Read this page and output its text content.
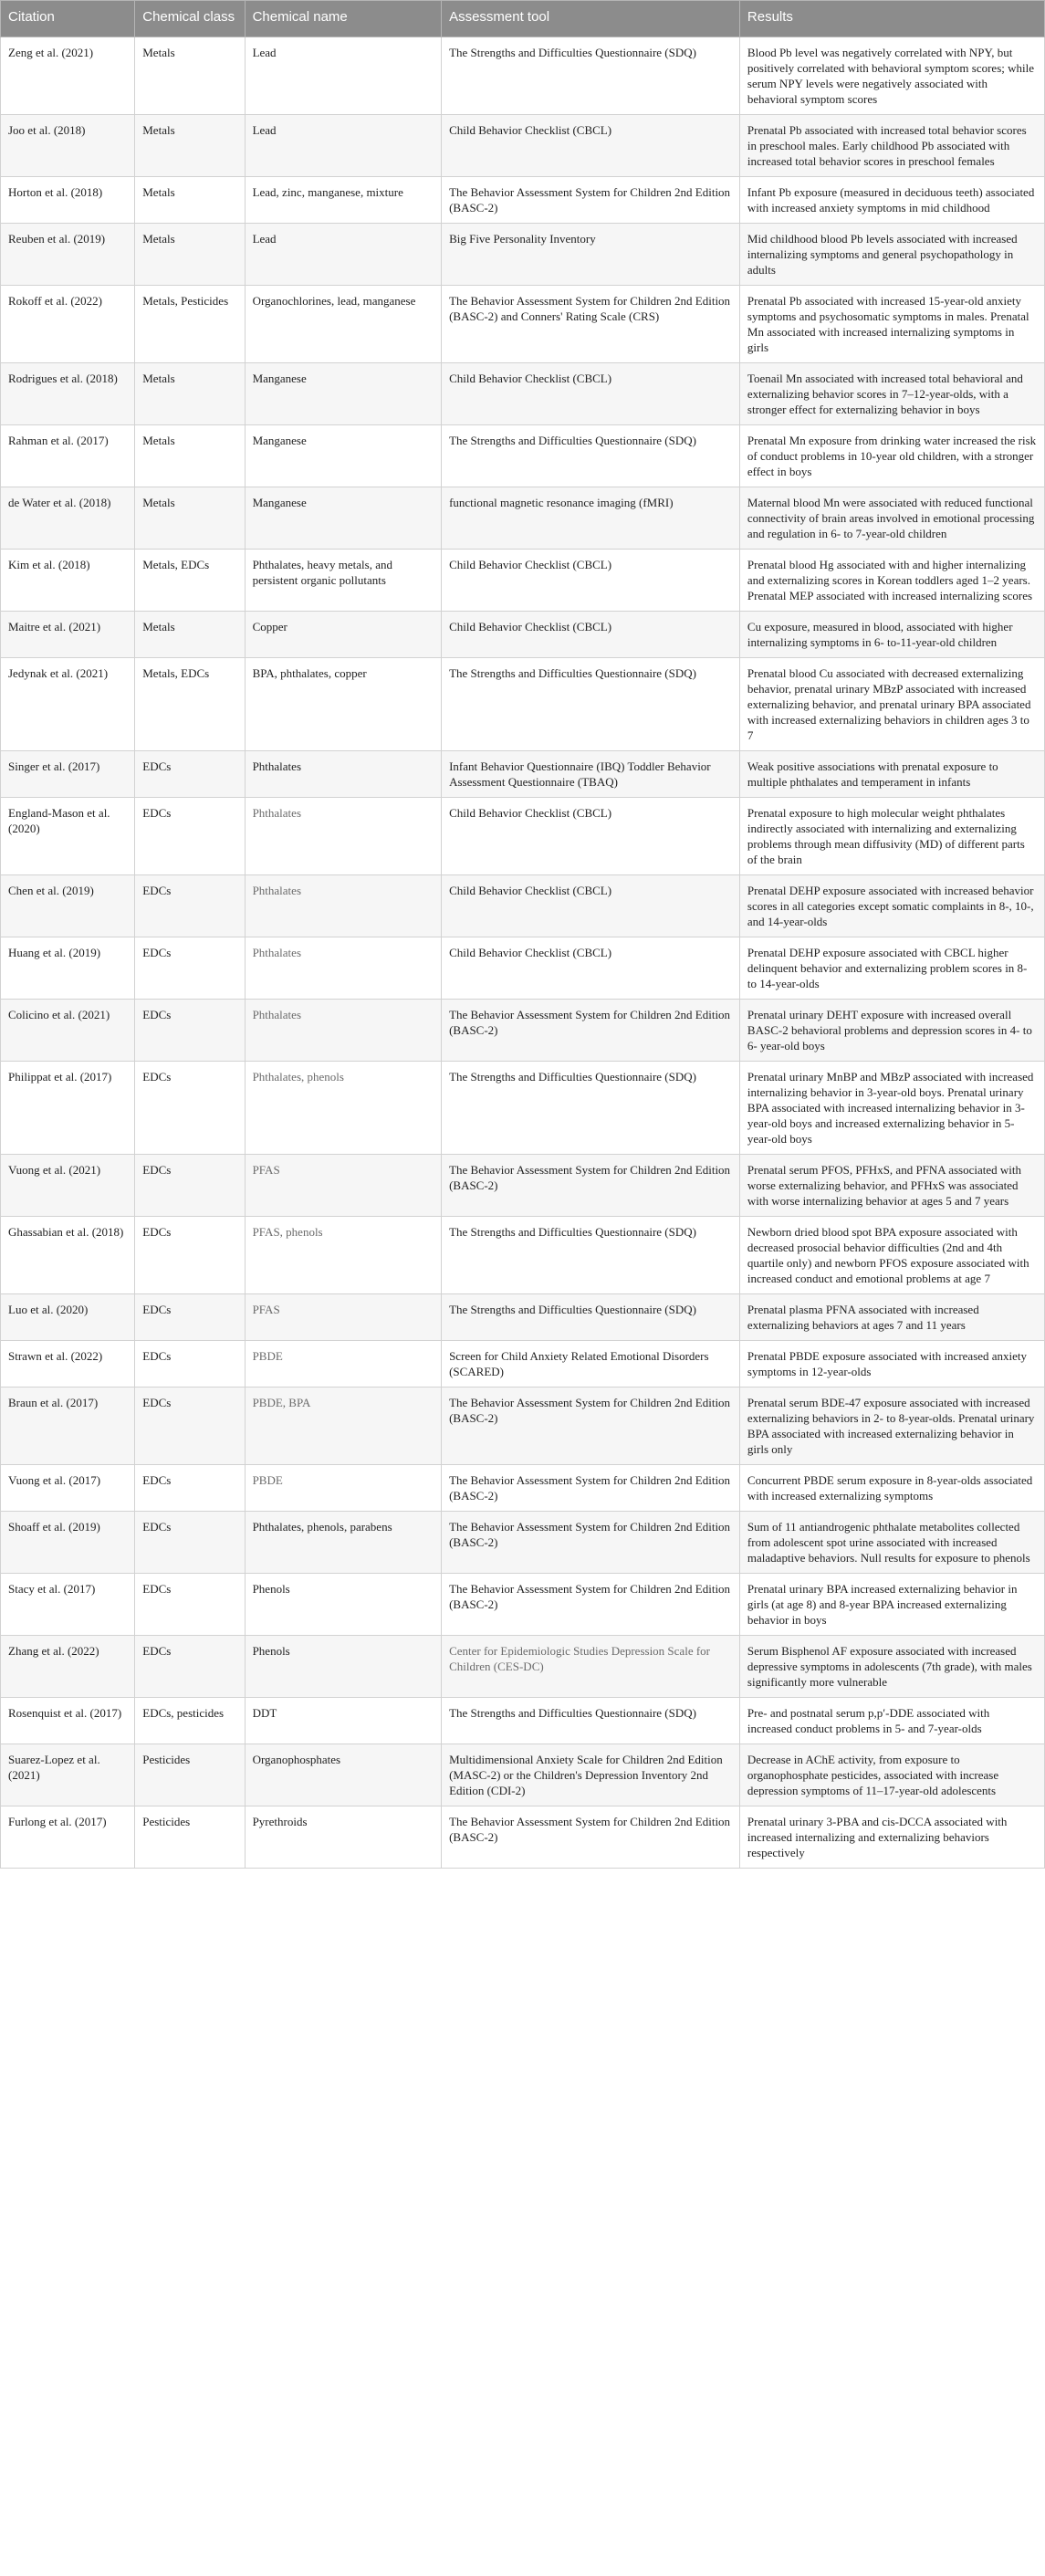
Citation	Chemical class	Chemical name	Assessment tool	Results
Zeng et al. (2021)	Metals	Lead	The Strengths and Difficulties Questionnaire (SDQ)	Blood Pb level was negatively correlated with NPY, but positively correlated with behavioral symptom scores; while serum NPY levels were negatively associated with behavioral symptom scores
Joo et al. (2018)	Metals	Lead	Child Behavior Checklist (CBCL)	Prenatal Pb associated with increased total behavior scores in preschool males. Early childhood Pb associated with increased total behavior scores in preschool females
Horton et al. (2018)	Metals	Lead, zinc, manganese, mixture	The Behavior Assessment System for Children 2nd Edition (BASC-2)	Infant Pb exposure (measured in deciduous teeth) associated with increased anxiety symptoms in mid childhood
Reuben et al. (2019)	Metals	Lead	Big Five Personality Inventory	Mid childhood blood Pb levels associated with increased internalizing symptoms and general psychopathology in adults
Rokoff et al. (2022)	Metals, Pesticides	Organochlorines, lead, manganese	The Behavior Assessment System for Children 2nd Edition (BASC-2) and Conners' Rating Scale (CRS)	Prenatal Pb associated with increased 15-year-old anxiety symptoms and psychosomatic symptoms in males. Prenatal Mn associated with increased internalizing symptoms in girls
Rodrigues et al. (2018)	Metals	Manganese	Child Behavior Checklist (CBCL)	Toenail Mn associated with increased total behavioral and externalizing behavior scores in 7–12-year-olds, with a stronger effect for externalizing behavior in boys
Rahman et al. (2017)	Metals	Manganese	The Strengths and Difficulties Questionnaire (SDQ)	Prenatal Mn exposure from drinking water increased the risk of conduct problems in 10-year old children, with a stronger effect in boys
de Water et al. (2018)	Metals	Manganese	functional magnetic resonance imaging (fMRI)	Maternal blood Mn were associated with reduced functional connectivity of brain areas involved in emotional processing and regulation in 6- to 7-year-old children
Kim et al. (2018)	Metals, EDCs	Phthalates, heavy metals, and persistent organic pollutants	Child Behavior Checklist (CBCL)	Prenatal blood Hg associated with and higher internalizing and externalizing scores in Korean toddlers aged 1–2 years. Prenatal MEP associated with increased internalizing scores
Maitre et al. (2021)	Metals	Copper	Child Behavior Checklist (CBCL)	Cu exposure, measured in blood, associated with higher internalizing symptoms in 6- to-11-year-old children
Jedynak et al. (2021)	Metals, EDCs	BPA, phthalates, copper	The Strengths and Difficulties Questionnaire (SDQ)	Prenatal blood Cu associated with decreased externalizing behavior, prenatal urinary MBzP associated with increased externalizing behavior, and prenatal urinary BPA associated with increased externalizing behaviors in children ages 3 to 7
Singer et al. (2017)	EDCs	Phthalates	Infant Behavior Questionnaire (IBQ) Toddler Behavior Assessment Questionnaire (TBAQ)	Weak positive associations with prenatal exposure to multiple phthalates and temperament in infants
England-Mason et al. (2020)	EDCs	Phthalates	Child Behavior Checklist (CBCL)	Prenatal exposure to high molecular weight phthalates indirectly associated with internalizing and externalizing problems through mean diffusivity (MD) of different parts of the brain
Chen et al. (2019)	EDCs	Phthalates	Child Behavior Checklist (CBCL)	Prenatal DEHP exposure associated with increased behavior scores in all categories except somatic complaints in 8-, 10-, and 14-year-olds
Huang et al. (2019)	EDCs	Phthalates	Child Behavior Checklist (CBCL)	Prenatal DEHP exposure associated with CBCL higher delinquent behavior and externalizing problem scores in 8- to 14-year-olds
Colicino et al. (2021)	EDCs	Phthalates	The Behavior Assessment System for Children 2nd Edition (BASC-2)	Prenatal urinary DEHT exposure with increased overall BASC-2 behavioral problems and depression scores in 4- to 6- year-old boys
Philippat et al. (2017)	EDCs	Phthalates, phenols	The Strengths and Difficulties Questionnaire (SDQ)	Prenatal urinary MnBP and MBzP associated with increased internalizing behavior in 3-year-old boys. Prenatal urinary BPA associated with increased internalizing behavior in 3-year-old boys and increased externalizing behavior in 5-year-old boys
Vuong et al. (2021)	EDCs	PFAS	The Behavior Assessment System for Children 2nd Edition (BASC-2)	Prenatal serum PFOS, PFHxS, and PFNA associated with worse externalizing behavior, and PFHxS was associated with worse internalizing behavior at ages 5 and 7 years
Ghassabian et al. (2018)	EDCs	PFAS, phenols	The Strengths and Difficulties Questionnaire (SDQ)	Newborn dried blood spot BPA exposure associated with decreased prosocial behavior difficulties (2nd and 4th quartile only) and newborn PFOS exposure associated with increased conduct and emotional problems at age 7
Luo et al. (2020)	EDCs	PFAS	The Strengths and Difficulties Questionnaire (SDQ)	Prenatal plasma PFNA associated with increased externalizing behaviors at ages 7 and 11 years
Strawn et al. (2022)	EDCs	PBDE	Screen for Child Anxiety Related Emotional Disorders (SCARED)	Prenatal PBDE exposure associated with increased anxiety symptoms in 12-year-olds
Braun et al. (2017)	EDCs	PBDE, BPA	The Behavior Assessment System for Children 2nd Edition (BASC-2)	Prenatal serum BDE-47 exposure associated with increased externalizing behaviors in 2- to 8-year-olds. Prenatal urinary BPA associated with increased externalizing behavior in girls only
Vuong et al. (2017)	EDCs	PBDE	The Behavior Assessment System for Children 2nd Edition (BASC-2)	Concurrent PBDE serum exposure in 8-year-olds associated with increased externalizing symptoms
Shoaff et al. (2019)	EDCs	Phthalates, phenols, parabens	The Behavior Assessment System for Children 2nd Edition (BASC-2)	Sum of 11 antiandrogenic phthalate metabolites collected from adolescent spot urine associated with increased maladaptive behaviors. Null results for exposure to phenols
Stacy et al. (2017)	EDCs	Phenols	The Behavior Assessment System for Children 2nd Edition (BASC-2)	Prenatal urinary BPA increased externalizing behavior in girls (at age 8) and 8-year BPA increased externalizing behavior in boys
Zhang et al. (2022)	EDCs	Phenols	Center for Epidemiologic Studies Depression Scale for Children (CES-DC)	Serum Bisphenol AF exposure associated with increased depressive symptoms in adolescents (7th grade), with males significantly more vulnerable
Rosenquist et al. (2017)	EDCs, pesticides	DDT	The Strengths and Difficulties Questionnaire (SDQ)	Pre- and postnatal serum p,p′-DDE associated with increased conduct problems in 5- and 7-year-olds
Suarez-Lopez et al. (2021)	Pesticides	Organophosphates	Multidimensional Anxiety Scale for Children 2nd Edition (MASC-2) or the Children's Depression Inventory 2nd Edition (CDI-2)	Decrease in AChE activity, from exposure to organophosphate pesticides, associated with increase depression symptoms of 11–17-year-old adolescents
Furlong et al. (2017)	Pesticides	Pyrethroids	The Behavior Assessment System for Children 2nd Edition (BASC-2)	Prenatal urinary 3-PBA and cis-DCCA associated with increased internalizing and externalizing behaviors respectively
